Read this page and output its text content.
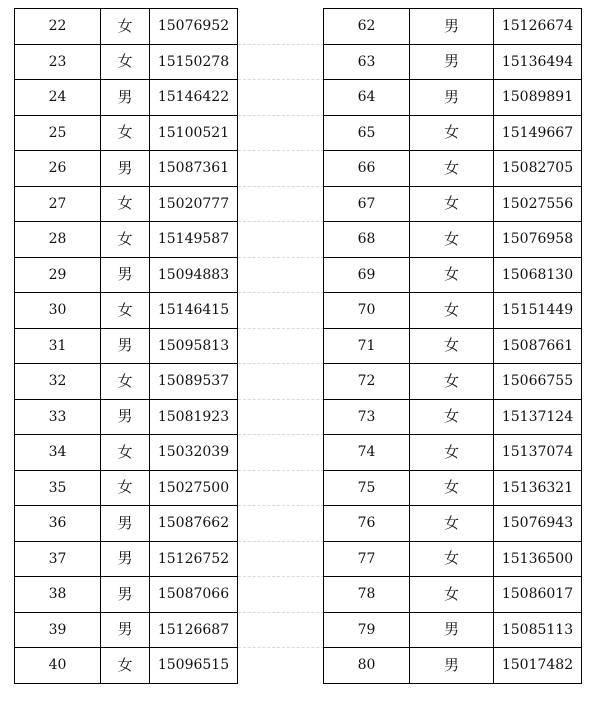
22	女	15076952
23	女	15150278
24	男	15146422
25	女	15100521
26	男	15087361
27	女	15020777
28	女	15149587
29	男	15094883
30	女	15146415
31	男	15095813
32	女	15089537
33	男	15081923
34	女	15032039
35	女	15027500
36	男	15087662
37	男	15126752
38	男	15087066
39	男	15126687
40	女	15096515
62	男	15126674
63	男	15136494
64	男	15089891
65	女	15149667
66	女	15082705
67	女	15027556
68	女	15076958
69	女	15068130
70	女	15151449
71	女	15087661
72	女	15066755
73	女	15137124
74	女	15137074
75	女	15136321
76	女	15076943
77	女	15136500
78	女	15086017
79	男	15085113
80	男	15017482
